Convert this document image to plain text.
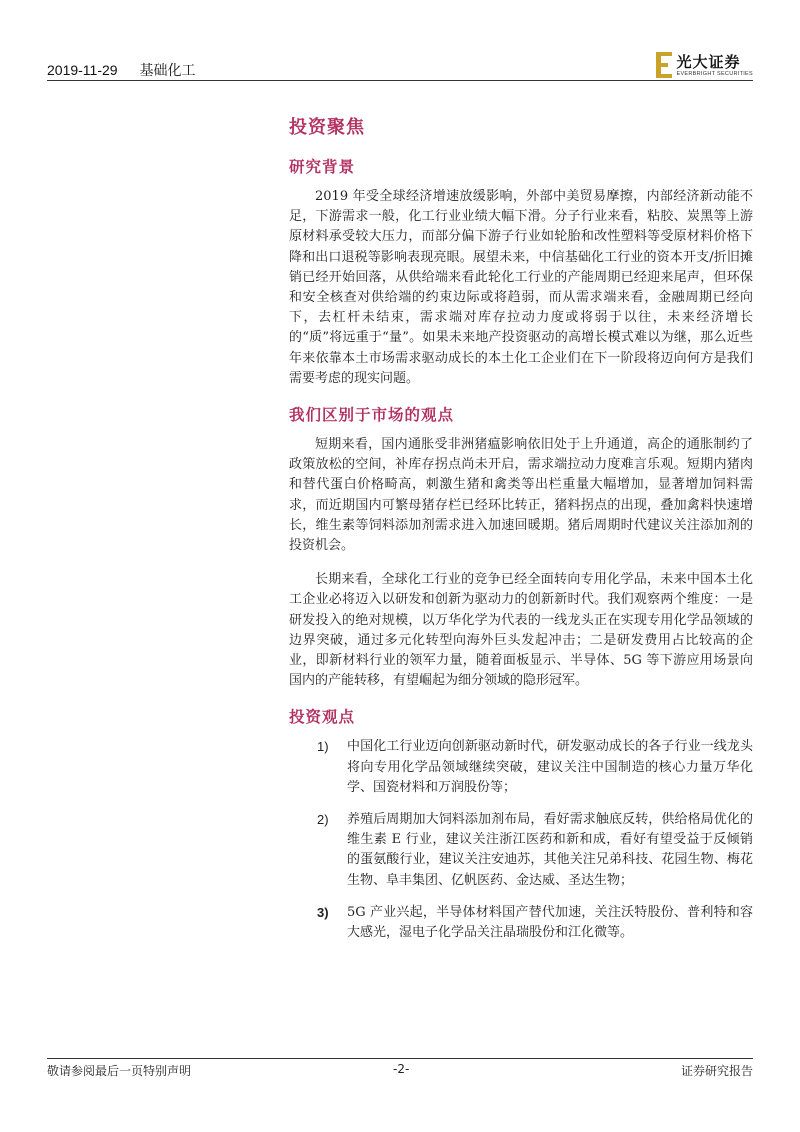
2019-11-29 基础化工	光大证券
EVERBRIGHT SECURITIES
投资聚焦
研究背景

2019 年受全球经济增速放缓影响，外部中美贸易摩擦，内部经济新动能不足，下游需求一般，化工行业业绩大幅下滑。分子行业来看，粘胶、炭黑等上游原材料承受较大压力，而部分偏下游子行业如轮胎和改性塑料等受原材料价格下降和出口退税等影响表现亮眼。展望未来，中信基础化工行业的资本开支/折旧摊销已经开始回落，从供给端来看此轮化工行业的产能周期已经迎来尾声，但环保和安全核查对供给端的约束边际或将趋弱，而从需求端来看，金融周期已经向下，去杠杆未结束，需求端对库存拉动力度或将弱于以往，未来经济增长的“质”将远重于“量”。如果未来地产投资驱动的高增长模式难以为继，那么近些年来依靠本土市场需求驱动成长的本土化工企业们在下一阶段将迈向何方是我们需要考虑的现实问题。

我们区别于市场的观点

短期来看，国内通胀受非洲猪瘟影响依旧处于上升通道，高企的通胀制约了政策放松的空间，补库存拐点尚未开启，需求端拉动力度难言乐观。短期内猪肉和替代蛋白价格畸高，刺激生猪和禽类等出栏重量大幅增加，显著增加饲料需求，而近期国内可繁母猪存栏已经环比转正，猪料拐点的出现，叠加禽料快速增长，维生素等饲料添加剂需求进入加速回暖期。猪后周期时代建议关注添加剂的投资机会。

长期来看，全球化工行业的竞争已经全面转向专用化学品，未来中国本土化工企业必将迈入以研发和创新为驱动力的创新新时代。我们观察两个维度：一是研发投入的绝对规模，以万华化学为代表的一线龙头正在实现专用化学品领域的边界突破，通过多元化转型向海外巨头发起冲击；二是研发费用占比较高的企业，即新材料行业的领军力量，随着面板显示、半导体、5G 等下游应用场景向国内的产能转移，有望崛起为细分领域的隐形冠军。

投资观点
1)	中国化工行业迈向创新驱动新时代，研发驱动成长的各子行业一线龙头将向专用化学品领域继续突破，建议关注中国制造的核心力量万华化学、国瓷材料和万润股份等；
2)	养殖后周期加大饲料添加剂布局，看好需求触底反转，供给格局优化的维生素 E 行业，建议关注浙江医药和新和成，看好有望受益于反倾销的蛋氨酸行业，建议关注安迪苏，其他关注兄弟科技、花园生物、梅花生物、阜丰集团、亿帆医药、金达威、圣达生物；
3)	5G 产业兴起，半导体材料国产替代加速，关注沃特股份、普利特和容大感光，湿电子化学品关注晶瑞股份和江化微等。
敬请参阅最后一页特别声明	-2-	证券研究报告
